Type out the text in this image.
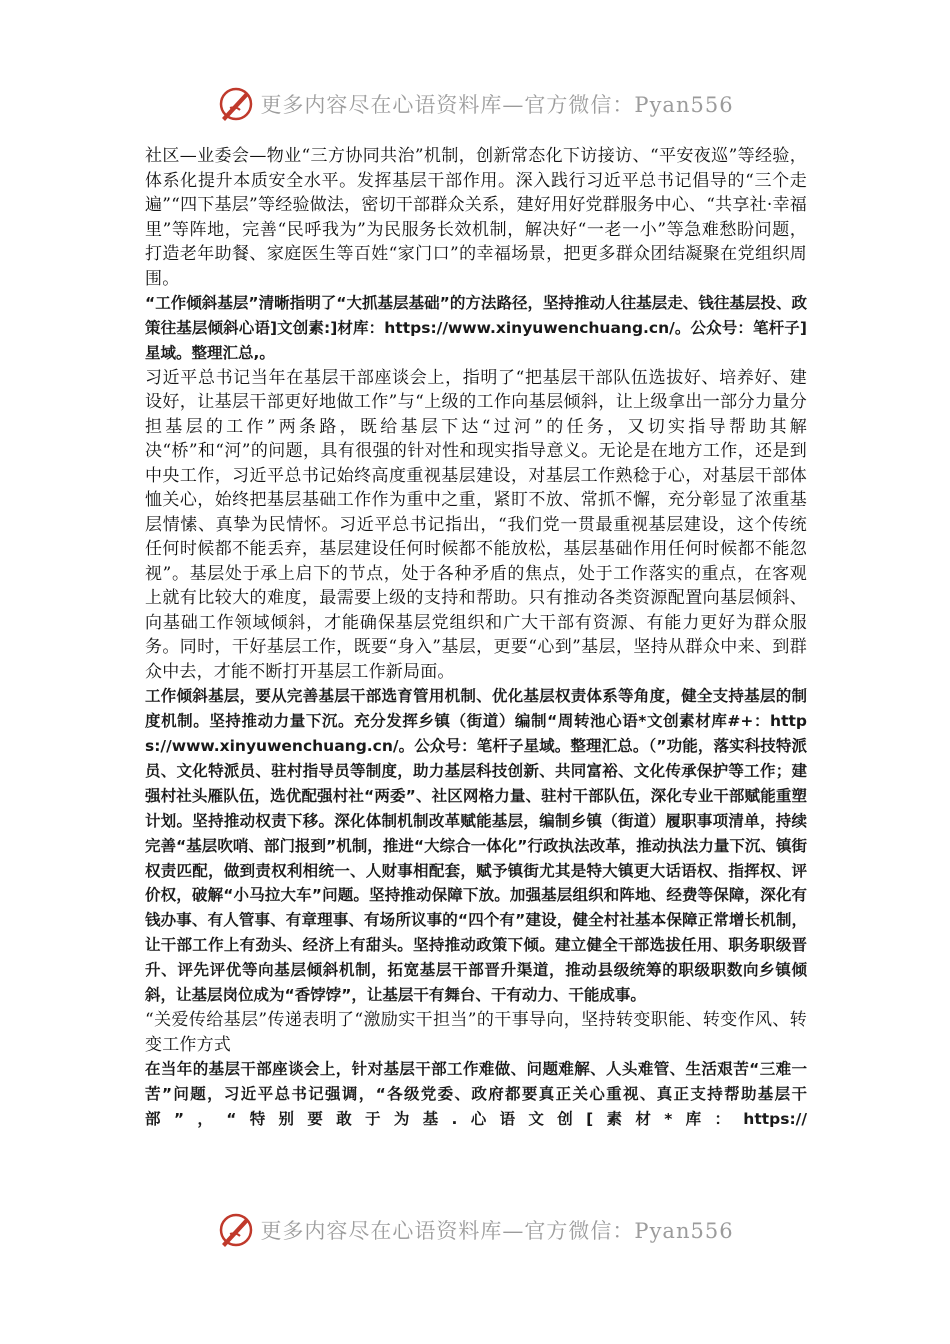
更多内容尽在心语资料库—官方微信：Pyan556

社区—业委会—物业“三方协同共治”机制，创新常态化下访接访、“平安夜巡”等经验，体系化提升本质安全水平。发挥基层干部作用。深入践行习近平总书记倡导的“三个走遍”“四下基层”等经验做法，密切干部群众关系，建好用好党群服务中心、“共享社·幸福里”等阵地，完善“民呼我为”为民服务长效机制，解决好“一老一小”等急难愁盼问题，打造老年助餐、家庭医生等百姓“家门口”的幸福场景，把更多群众团结凝聚在党组织周围。

“工作倾斜基层”清晰指明了“大抓基层基础”的方法路径，坚持推动人往基层走、钱往基层投、政策往基层倾斜心语]文创素:]材库：https://www.xinyuwenchuang.cn/。公众号：笔杆子]星域。整理汇总,。

习近平总书记当年在基层干部座谈会上，指明了“把基层干部队伍选拔好、培养好、建设好，让基层干部更好地做工作”与“上级的工作向基层倾斜，让上级拿出一部分力量分担基层的工作”两条路，既给基层下达“过河”的任务，又切实指导帮助其解决“桥”和“河”的问题，具有很强的针对性和现实指导意义。无论是在地方工作，还是到中央工作，习近平总书记始终高度重视基层建设，对基层工作熟稔于心，对基层干部体恤关心，始终把基层基础工作作为重中之重，紧盯不放、常抓不懈，充分彰显了浓重基层情愫、真挚为民情怀。习近平总书记指出，“我们党一贯最重视基层建设，这个传统任何时候都不能丢弃，基层建设任何时候都不能放松，基层基础作用任何时候都不能忽视”。基层处于承上启下的节点，处于各种矛盾的焦点，处于工作落实的重点，在客观上就有比较大的难度，最需要上级的支持和帮助。只有推动各类资源配置向基层倾斜、向基础工作领域倾斜，才能确保基层党组织和广大干部有资源、有能力更好为群众服务。同时，干好基层工作，既要“身入”基层，更要“心到”基层，坚持从群众中来、到群众中去，才能不断打开基层工作新局面。

工作倾斜基层，要从完善基层干部选育管用机制、优化基层权责体系等角度，健全支持基层的制度机制。坚持推动力量下沉。充分发挥乡镇（街道）编制“周转池心语*文创素材库#+：https://www.xinyuwenchuang.cn/。公众号：笔杆子星域。整理汇总。（”功能，落实科技特派员、文化特派员、驻村指导员等制度，助力基层科技创新、共同富裕、文化传承保护等工作；建强村社头雁队伍，选优配强村社“两委”、社区网格力量、驻村干部队伍，深化专业干部赋能重塑计划。坚持推动权责下移。深化体制机制改革赋能基层，编制乡镇（街道）履职事项清单，持续完善“基层吹哨、部门报到”机制，推进“大综合一体化”行政执法改革，推动执法力量下沉、镇街权责匹配，做到责权利相统一、人财事相配套，赋予镇街尤其是特大镇更大话语权、指挥权、评价权，破解“小马拉大车”问题。坚持推动保障下放。加强基层组织和阵地、经费等保障，深化有钱办事、有人管事、有章理事、有场所议事的“四个有”建设，健全村社基本保障正常增长机制，让干部工作上有劲头、经济上有甜头。坚持推动政策下倾。建立健全干部选拔任用、职务职级晋升、评先评优等向基层倾斜机制，拓宽基层干部晋升渠道，推动县级统筹的职级职数向乡镇倾斜，让基层岗位成为“香饽饽”，让基层干有舞台、干有动力、干能成事。

“关爱传给基层”传递表明了“激励实干担当”的干事导向，坚持转变职能、转变作风、转变工作方式

在当年的基层干部座谈会上，针对基层干部工作难做、问题难解、人头难管、生活艰苦“三难一苦”问题，习近平总书记强调，“各级党委、政府都要真正关心重视、真正支持帮助基层干部”，“特别要敢于为基.心语文创[素材*库：https://

更多内容尽在心语资料库—官方微信：Pyan556
